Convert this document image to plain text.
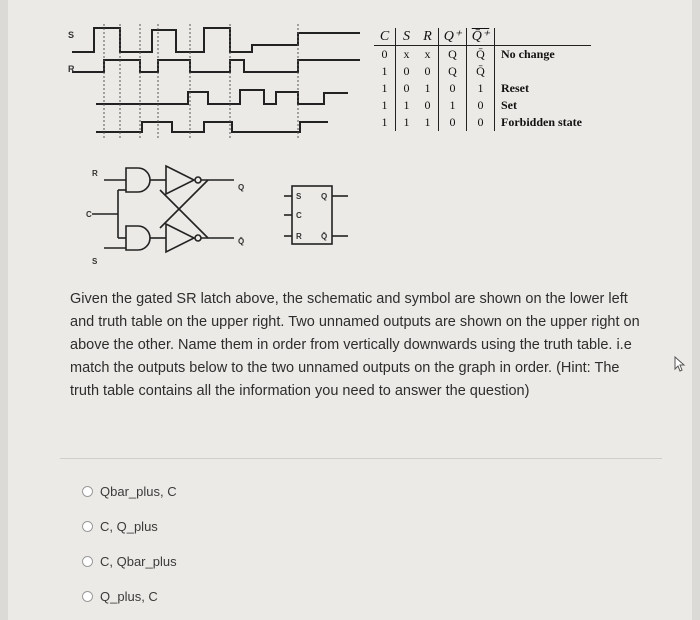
S
R
R
C
S
Q
Q̄
S
C
R
Q
Q̄
C	S	R	Q⁺	Q̄⁺	
0	x	x	Q	Q̄	No change
1	0	0	Q	Q̄	
1	0	1	0	1	Reset
1	1	0	1	0	Set
1	1	1	0	0	Forbidden state

Given the gated SR latch above, the schematic and symbol are shown on the lower left and truth table on the upper right. Two unnamed outputs are shown on the upper right on above the other. Name them in order from vertically downwards using the truth table. i.e match the outputs below to the two unnamed outputs on the graph in order. (Hint: The truth table contains all the information you need to answer the question)

Qbar_plus, C
C, Q_plus
C, Qbar_plus
Q_plus, C
